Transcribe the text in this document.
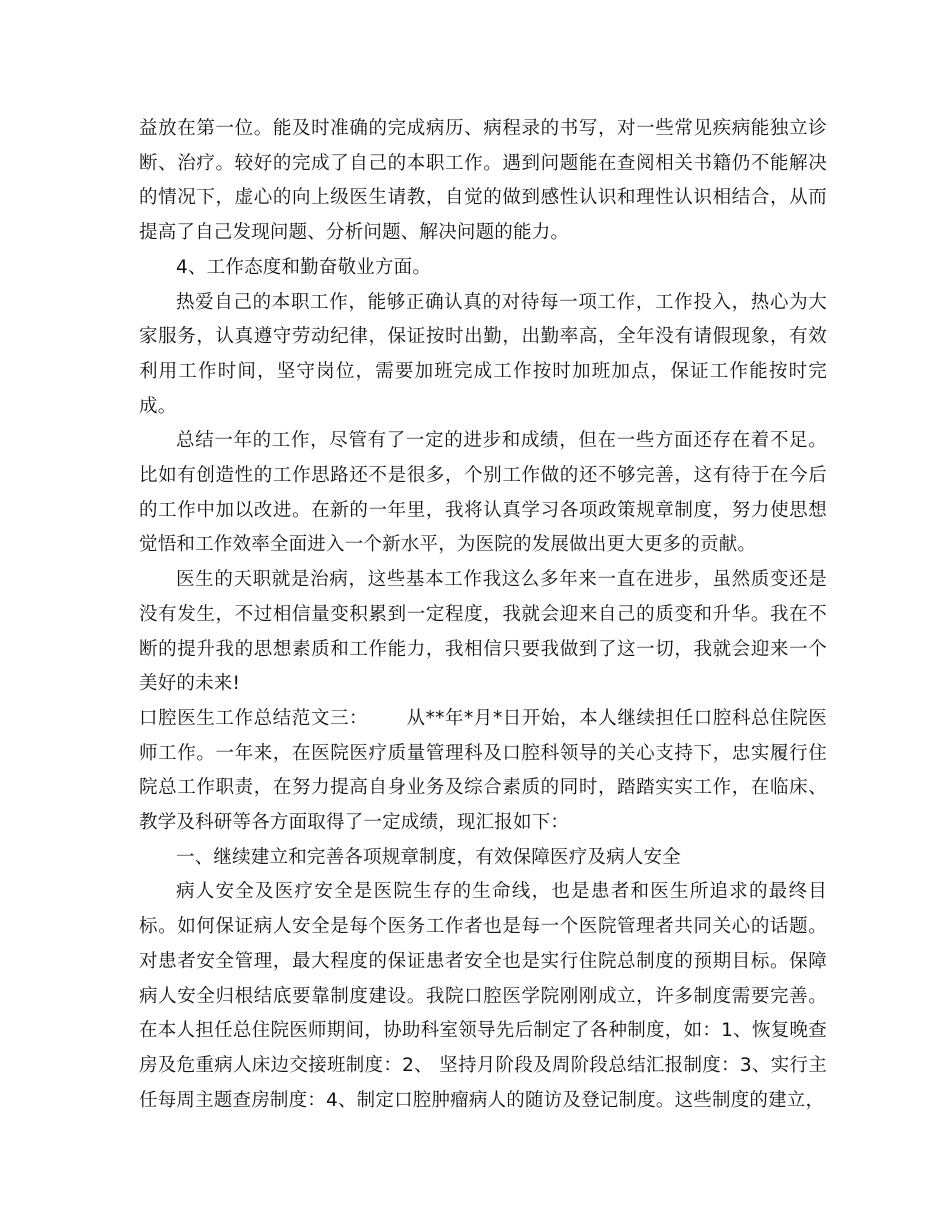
益放在第一位。能及时准确的完成病历、病程录的书写，对一些常见疾病能独立诊断、治疗。较好的完成了自己的本职工作。遇到问题能在查阅相关书籍仍不能解决的情况下，虚心的向上级医生请教，自觉的做到感性认识和理性认识相结合，从而提高了自己发现问题、分析问题、解决问题的能力。

4、工作态度和勤奋敬业方面。

热爱自己的本职工作，能够正确认真的对待每一项工作，工作投入，热心为大家服务，认真遵守劳动纪律，保证按时出勤，出勤率高，全年没有请假现象，有效利用工作时间，坚守岗位，需要加班完成工作按时加班加点，保证工作能按时完成。

总结一年的工作，尽管有了一定的进步和成绩，但在一些方面还存在着不足。比如有创造性的工作思路还不是很多，个别工作做的还不够完善，这有待于在今后的工作中加以改进。在新的一年里，我将认真学习各项政策规章制度，努力使思想觉悟和工作效率全面进入一个新水平，为医院的发展做出更大更多的贡献。

医生的天职就是治病，这些基本工作我这么多年来一直在进步，虽然质变还是没有发生，不过相信量变积累到一定程度，我就会迎来自己的质变和升华。我在不断的提升我的思想素质和工作能力，我相信只要我做到了这一切，我就会迎来一个美好的未来!

口腔医生工作总结范文三： 从**年*月*日开始，本人继续担任口腔科总住院医师工作。一年来，在医院医疗质量管理科及口腔科领导的关心支持下，忠实履行住院总工作职责，在努力提高自身业务及综合素质的同时，踏踏实实工作，在临床、教学及科研等各方面取得了一定成绩，现汇报如下：

一、继续建立和完善各项规章制度，有效保障医疗及病人安全

病人安全及医疗安全是医院生存的生命线，也是患者和医生所追求的最终目标。如何保证病人安全是每个医务工作者也是每一个医院管理者共同关心的话题。对患者安全管理，最大程度的保证患者安全也是实行住院总制度的预期目标。保障病人安全归根结底要靠制度建设。我院口腔医学院刚刚成立，许多制度需要完善。在本人担任总住院医师期间，协助科室领导先后制定了各种制度，如：1、恢复晚查房及危重病人床边交接班制度：2、 坚持月阶段及周阶段总结汇报制度：3、实行主任每周主题查房制度：4、制定口腔肿瘤病人的随访及登记制度。这些制度的建立，
